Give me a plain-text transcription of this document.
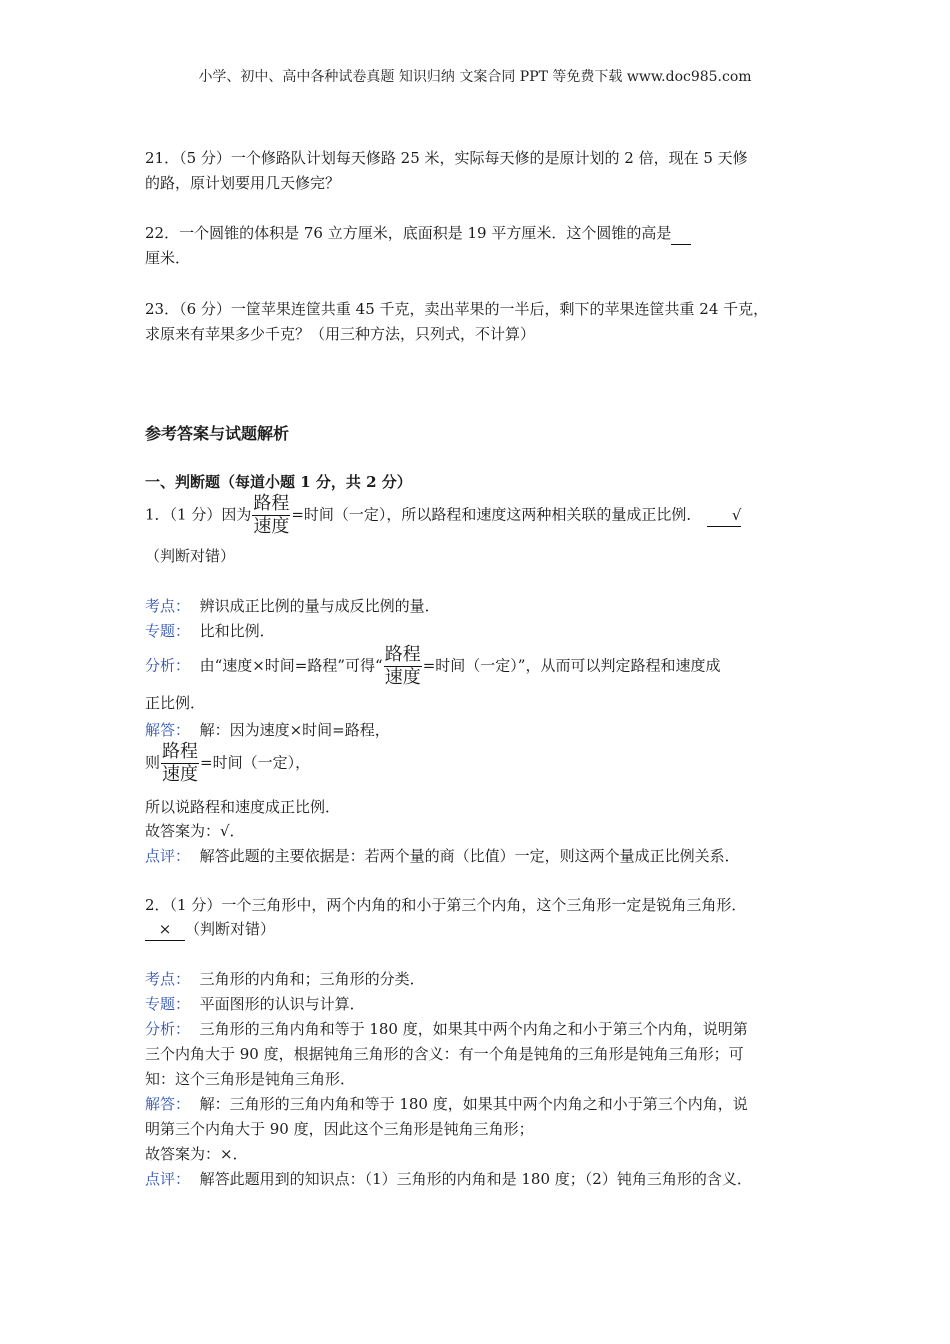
小学、初中、高中各种试卷真题 知识归纳 文案合同 PPT 等免费下载 www.doc985.com
21．（5 分）一个修路队计划每天修路 25 米，实际每天修的是原计划的 2 倍，现在 5 天修
的路，原计划要用几天修完？
22．一个圆锥的体积是 76 立方厘米，底面积是 19 平方厘米．这个圆锥的高是
厘米．
23．（6 分）一筐苹果连筐共重 45 千克，卖出苹果的一半后，剩下的苹果连筐共重 24 千克，
求原来有苹果多少千克？（用三种方法，只列式，不计算）
参考答案与试题解析
一、判断题（每道小题 1 分，共 2 分）
1．（1 分）因为 $\frac{\text{路程}}{\text{速度}}$ =时间（一定），所以路程和速度这两种相关联的量成正比例． √
（判断对错）
考点： 辨识成正比例的量与成反比例的量．
专题： 比和比例．
分析： 由“速度×时间=路程”可得“ $\frac{\text{路程}}{\text{速度}}$ =时间（一定）”，从而可以判定路程和速度成
正比例．
解答： 解：因为速度×时间=路程，
则 $\frac{\text{路程}}{\text{速度}}$ =时间（一定），
所以说路程和速度成正比例．
故答案为：√．
点评： 解答此题的主要依据是：若两个量的商（比值）一定，则这两个量成正比例关系．
2．（1 分）一个三角形中，两个内角的和小于第三个内角，这个三角形一定是锐角三角形．
× （判断对错）
考点： 三角形的内角和；三角形的分类．
专题： 平面图形的认识与计算．
分析： 三角形的三角内角和等于 180 度，如果其中两个内角之和小于第三个内角，说明第
三个内角大于 90 度，根据钝角三角形的含义：有一个角是钝角的三角形是钝角三角形；可
知：这个三角形是钝角三角形．
解答： 解：三角形的三角内角和等于 180 度，如果其中两个内角之和小于第三个内角，说
明第三个内角大于 90 度，因此这个三角形是钝角三角形；
故答案为：×．
点评： 解答此题用到的知识点：（1）三角形的内角和是 180 度；（2）钝角三角形的含义．
